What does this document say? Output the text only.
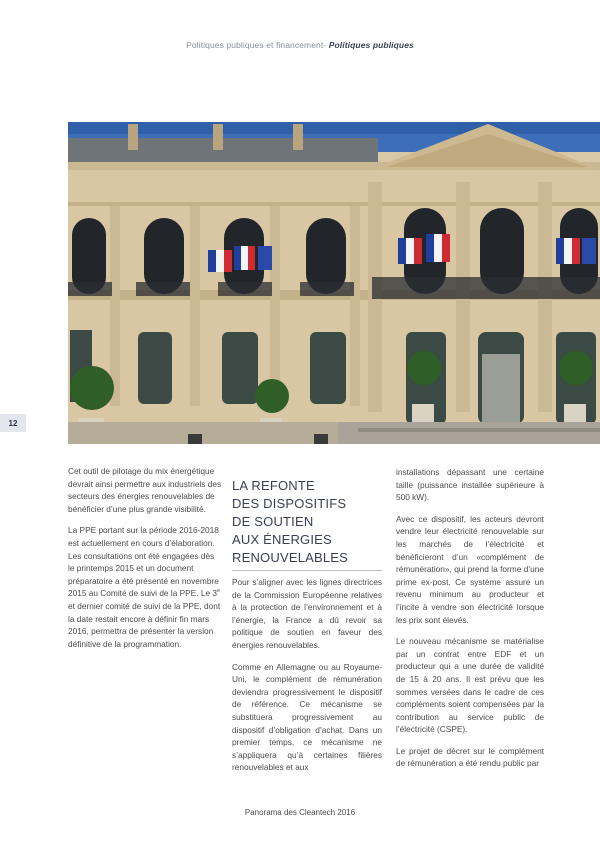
Politiques publiques et financement- Politiques publiques
12

Cet outil de pilotage du mix énergétique devrait ainsi permettre aux industriels des secteurs des énergies renouvelables de bénéficier d’une plus grande visibilité.

La PPE portant sur la période 2016-2018 est actuellement en cours d’élaboration. Les consultations ont été engagées dès le printemps 2015 et un document préparatoire a été présenté en novembre 2015 au Comité de suivi de la PPE. Le 3e et dernier comité de suivi de la PPE, dont la date restait encore à définir fin mars 2016, permettra de présenter la version définitive de la programmation.

LA REFONTE
DES DISPOSITIFS
DE SOUTIEN
AUX ÉNERGIES
RENOUVELABLES

Pour s’aligner avec les lignes directrices de la Commission Européenne relatives à la protection de l’environnement et à l’énergie, la France a dû revoir sa politique de soutien en faveur des énergies renouvelables.

Comme en Allemagne ou au Royaume-Uni, le complément de rémunération deviendra progressivement le dispositif de référence. Ce mécanisme se substituera progressivement au dispositif d’obligation d’achat. Dans un premier temps, ce mécanisme ne s’appliquera qu’à certaines filières renouvelables et aux

installations dépassant une certaine taille (puissance installée supérieure à 500 kW).

Avec ce dispositif, les acteurs devront vendre leur électricité renouvelable sur les marchés de l’électricité et bénéficieront d’un «complément de rémunération», qui prend la forme d’une prime ex-post. Ce système assure un revenu minimum au producteur et l’incite à vendre son électricité lorsque les prix sont élevés.

Le nouveau mécanisme se matérialise par un contrat entre EDF et un producteur qui a une durée de validité de 15 à 20 ans. Il est prévu que les sommes versées dans le cadre de ces compléments soient compensées par la contribution au service public de l’électricité (CSPE).

Le projet de décret sur le complément de rémunération a été rendu public par

Panorama des Cleantech 2016
